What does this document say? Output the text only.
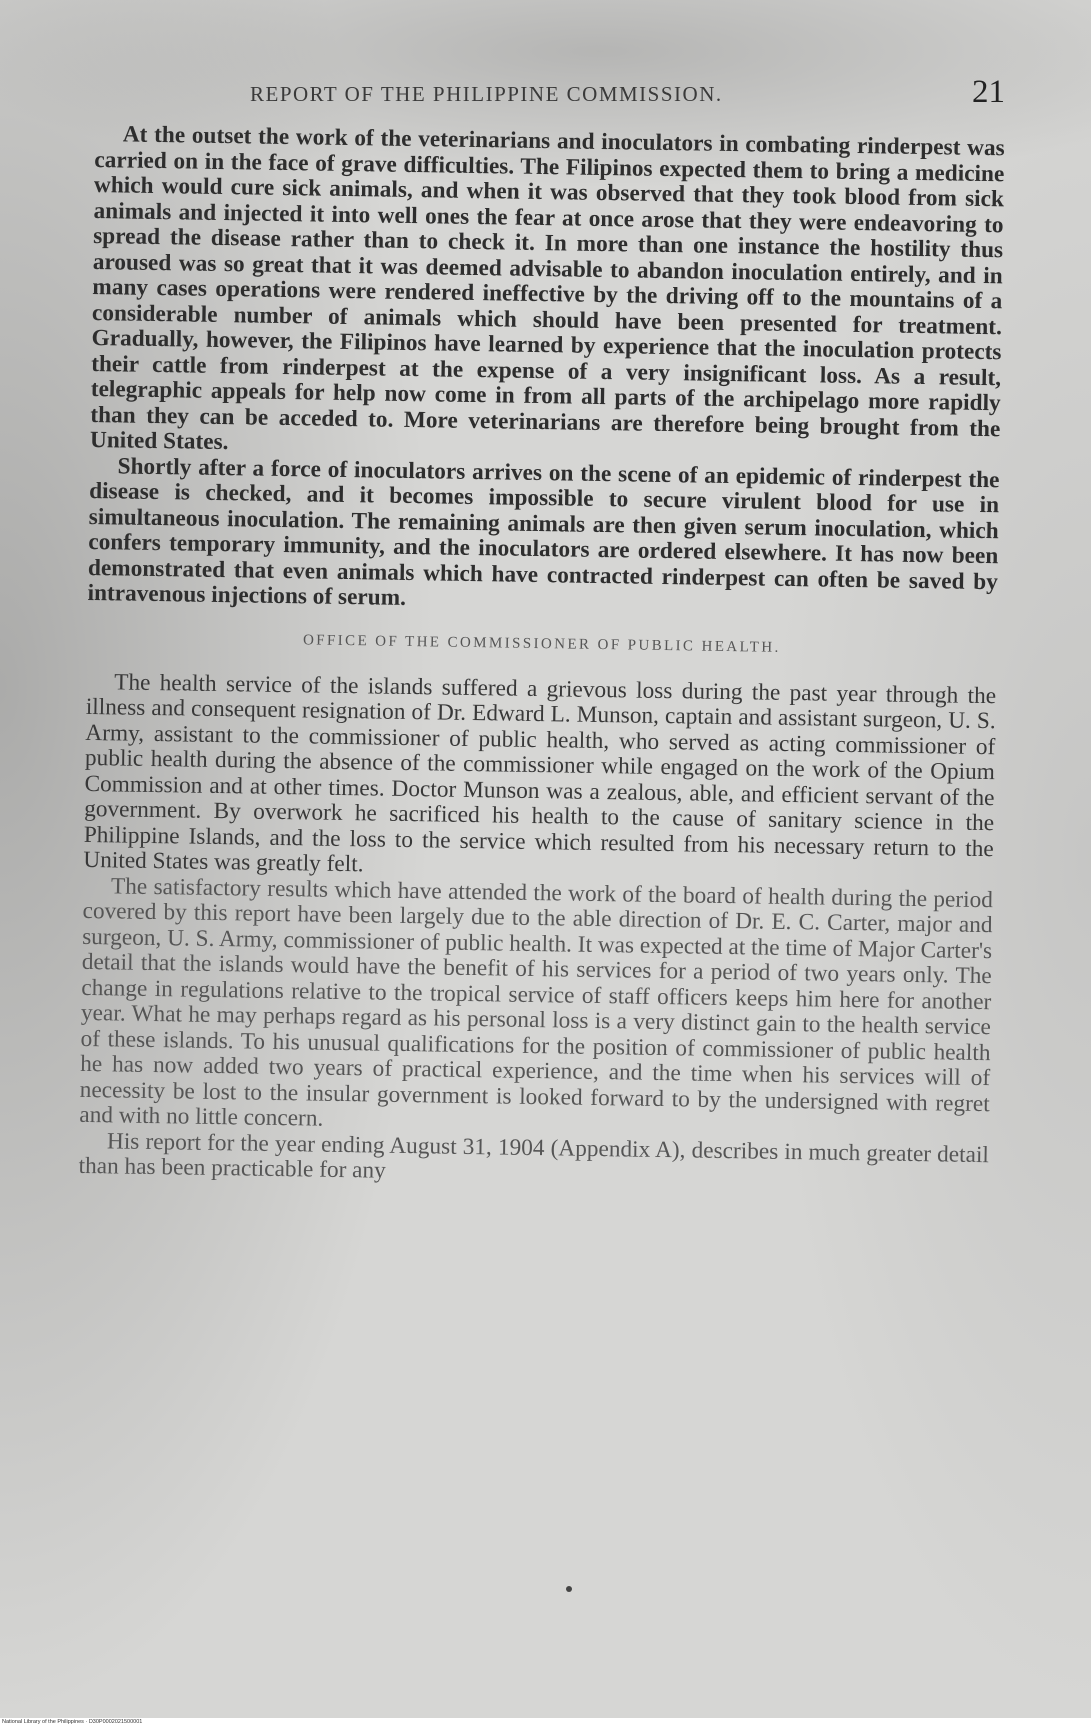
REPORT OF THE PHILIPPINE COMMISSION.	21

At the outset the work of the veterinarians and inoculators in combating rinderpest was carried on in the face of grave difficulties. The Filipinos expected them to bring a medicine which would cure sick animals, and when it was observed that they took blood from sick animals and injected it into well ones the fear at once arose that they were endeavoring to spread the disease rather than to check it. In more than one instance the hostility thus aroused was so great that it was deemed advisable to abandon inoculation entirely, and in many cases operations were rendered ineffective by the driving off to the mountains of a considerable number of animals which should have been presented for treatment. Gradually, however, the Filipinos have learned by experience that the inoculation protects their cattle from rinderpest at the expense of a very insignificant loss. As a result, telegraphic appeals for help now come in from all parts of the archipelago more rapidly than they can be acceded to. More veterinarians are therefore being brought from the United States.

Shortly after a force of inoculators arrives on the scene of an epidemic of rinderpest the disease is checked, and it becomes impossible to secure virulent blood for use in simultaneous inoculation. The remaining animals are then given serum inoculation, which confers temporary immunity, and the inoculators are ordered elsewhere. It has now been demonstrated that even animals which have contracted rinderpest can often be saved by intravenous injections of serum.

OFFICE OF THE COMMISSIONER OF PUBLIC HEALTH.

The health service of the islands suffered a grievous loss during the past year through the illness and consequent resignation of Dr. Edward L. Munson, captain and assistant surgeon, U. S. Army, assistant to the commissioner of public health, who served as acting commissioner of public health during the absence of the commissioner while engaged on the work of the Opium Commission and at other times. Doctor Munson was a zealous, able, and efficient servant of the government. By overwork he sacrificed his health to the cause of sanitary science in the Philippine Islands, and the loss to the service which resulted from his necessary return to the United States was greatly felt.

The satisfactory results which have attended the work of the board of health during the period covered by this report have been largely due to the able direction of Dr. E. C. Carter, major and surgeon, U. S. Army, commissioner of public health. It was expected at the time of Major Carter's detail that the islands would have the benefit of his services for a period of two years only. The change in regulations relative to the tropical service of staff officers keeps him here for another year. What he may perhaps regard as his personal loss is a very distinct gain to the health service of these islands. To his unusual qualifications for the position of commissioner of public health he has now added two years of practical experience, and the time when his services will of necessity be lost to the insular government is looked forward to by the undersigned with regret and with no little concern.

His report for the year ending August 31, 1904 (Appendix A), describes in much greater detail than has been practicable for any

National Library of the Philippines · D30P0002021500001
